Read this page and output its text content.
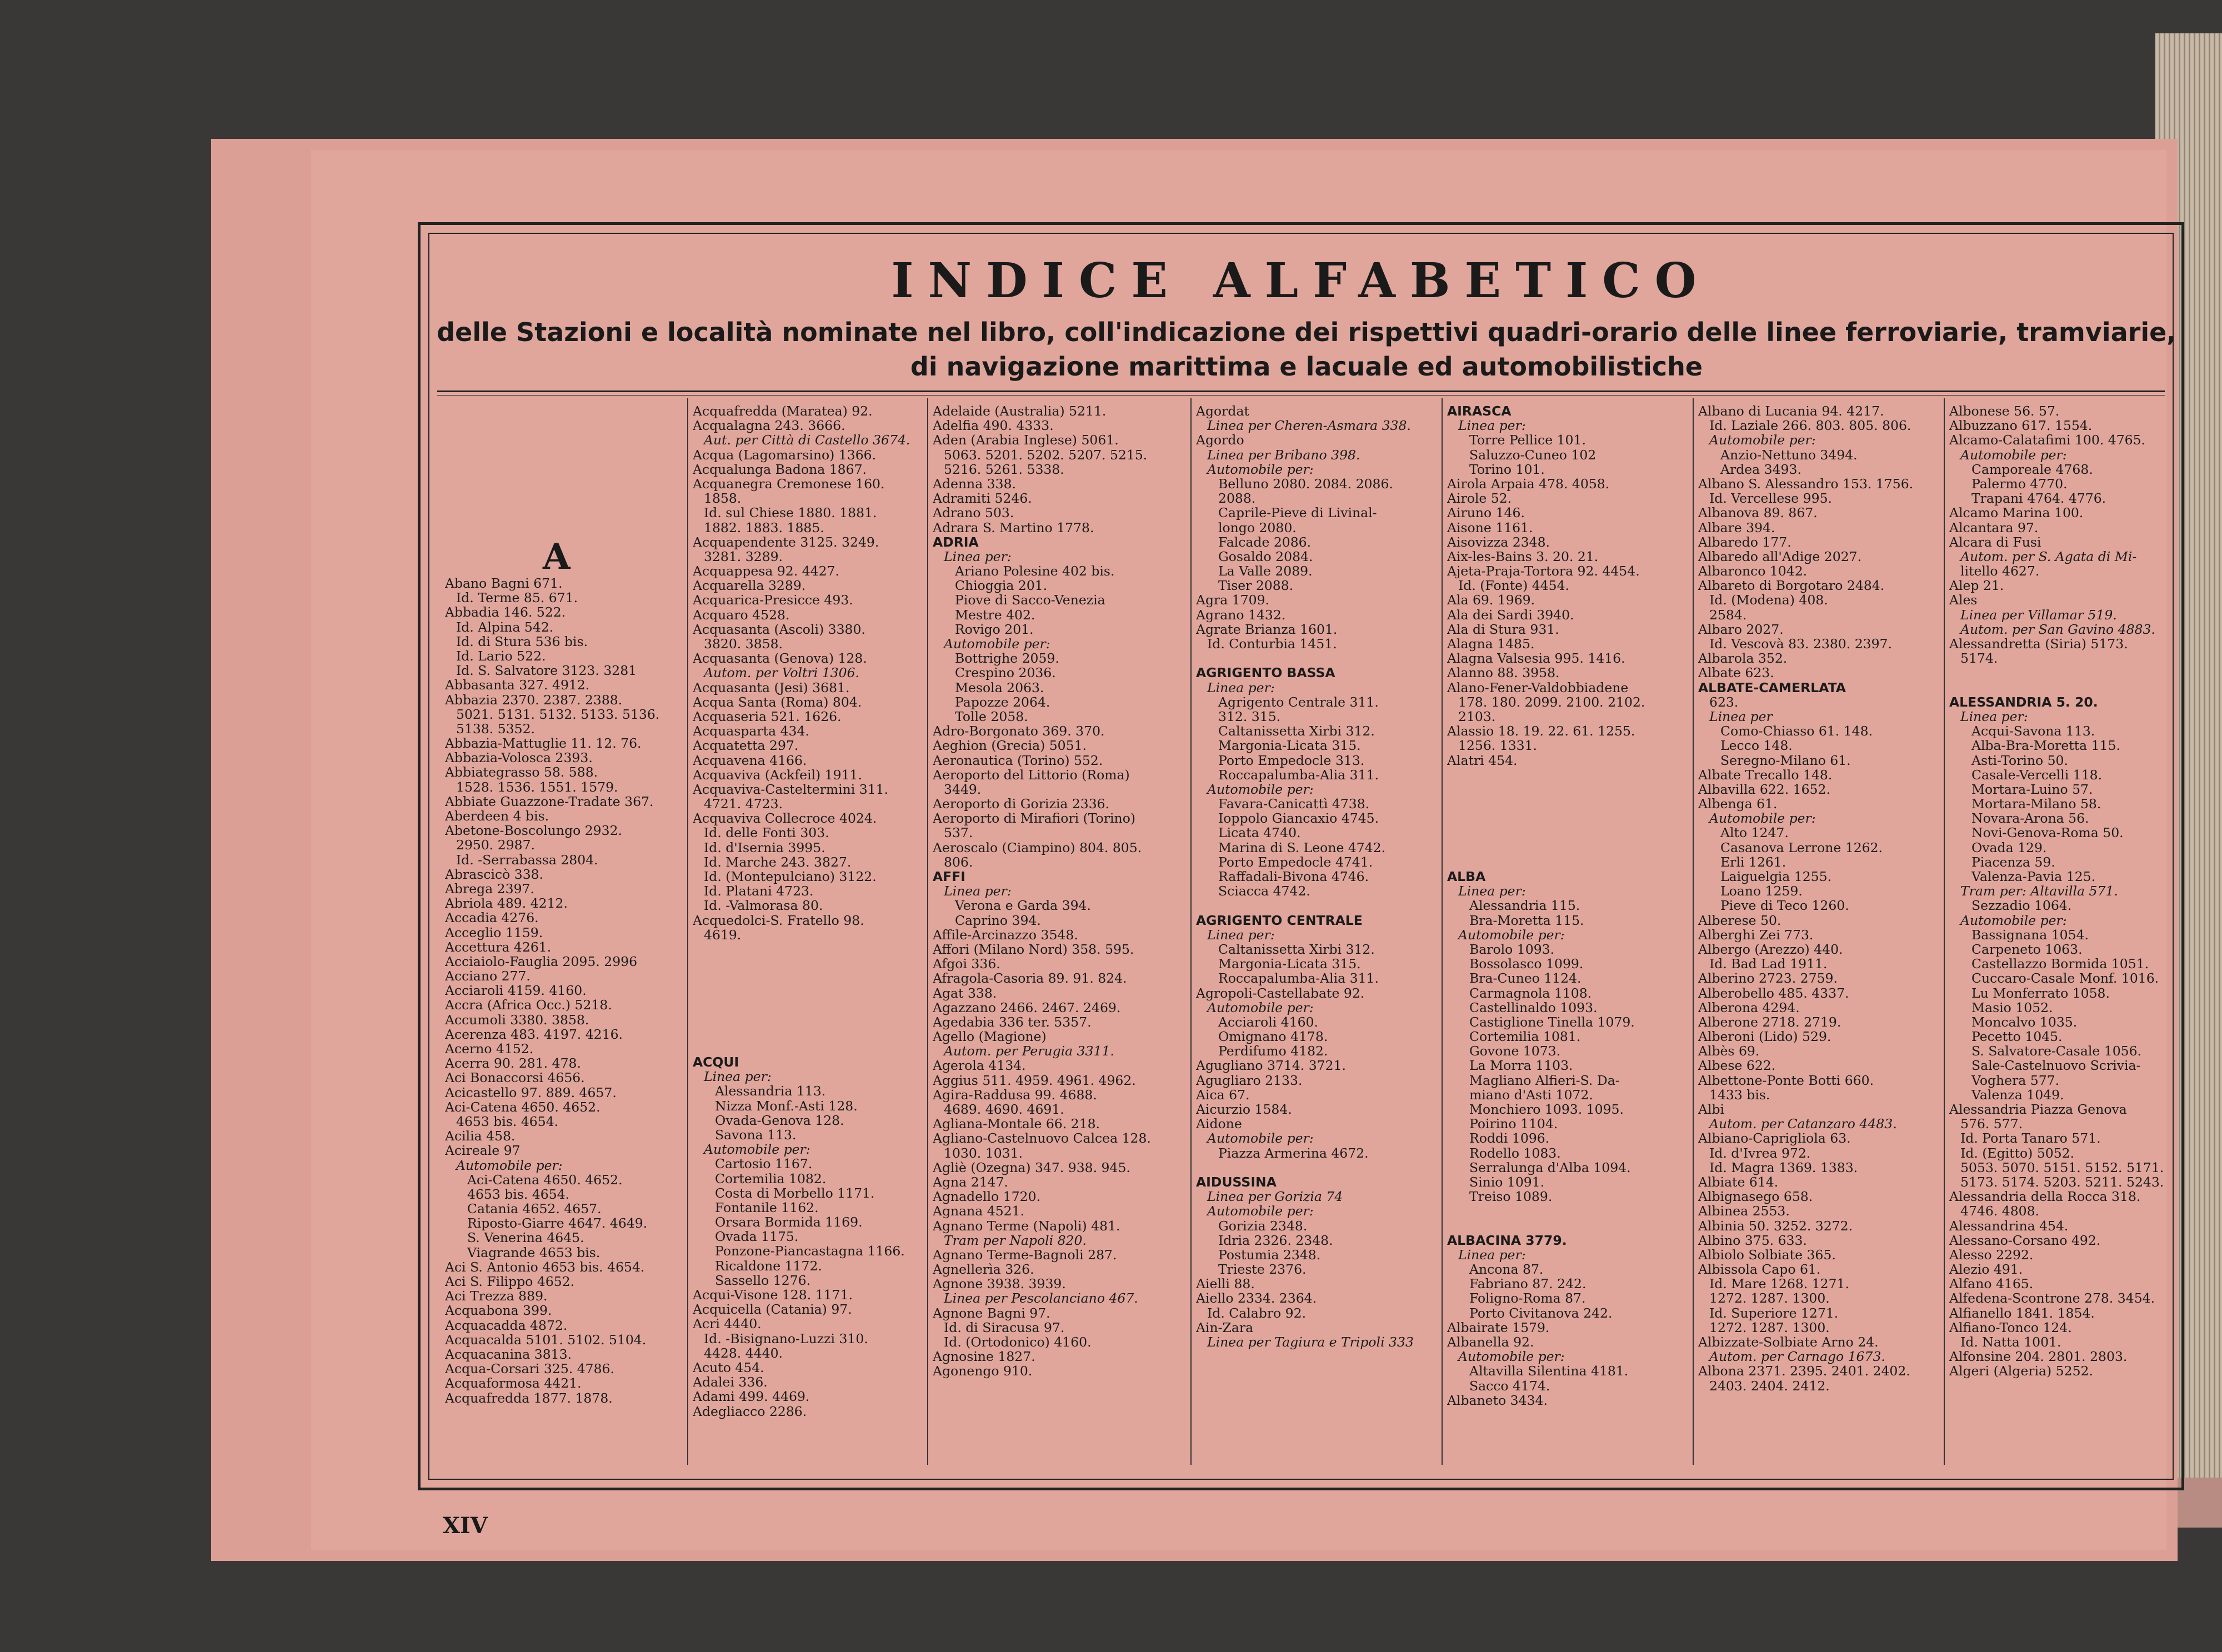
INDICE ALFABETICO
delle Stazioni e località nominate nel libro, coll'indicazione dei rispettivi quadri-orario delle linee ferroviarie, tramviarie,
di navigazione marittima e lacuale ed automobilistiche
A
Abano Bagni 671.
Id. Terme 85. 671.
Abbadia 146. 522.
Id. Alpina 542.
Id. di Stura 536 bis.
Id. Lario 522.
Id. S. Salvatore 3123. 3281
Abbasanta 327. 4912.
Abbazia 2370. 2387. 2388.
5021. 5131. 5132. 5133. 5136.
5138. 5352.
Abbazia-Mattuglie 11. 12. 76.
Abbazia-Volosca 2393.
Abbiategrasso 58. 588.
1528. 1536. 1551. 1579.
Abbiate Guazzone-Tradate 367.
Aberdeen 4 bis.
Abetone-Boscolungo 2932.
2950. 2987.
Id. -Serrabassa 2804.
Abrascicò 338.
Abrega 2397.
Abriola 489. 4212.
Accadia 4276.
Acceglio 1159.
Accettura 4261.
Acciaiolo-Fauglia 2095. 2996
Acciano 277.
Acciaroli 4159. 4160.
Accra (Africa Occ.) 5218.
Accumoli 3380. 3858.
Acerenza 483. 4197. 4216.
Acerno 4152.
Acerra 90. 281. 478.
Aci Bonaccorsi 4656.
Acicastello 97. 889. 4657.
Aci-Catena 4650. 4652.
4653 bis. 4654.
Acilia 458.
Acireale 97
Automobile per:
Aci-Catena 4650. 4652.
4653 bis. 4654.
Catania 4652. 4657.
Riposto-Giarre 4647. 4649.
S. Venerina 4645.
Viagrande 4653 bis.
Aci S. Antonio 4653 bis. 4654.
Aci S. Filippo 4652.
Aci Trezza 889.
Acquabona 399.
Acquacadda 4872.
Acquacalda 5101. 5102. 5104.
Acquacanina 3813.
Acqua-Corsari 325. 4786.
Acquaformosa 4421.
Acquafredda 1877. 1878.
Acquafredda (Maratea) 92.
Acqualagna 243. 3666.
Aut. per Città di Castello 3674.
Acqua (Lagomarsino) 1366.
Acqualunga Badona 1867.
Acquanegra Cremonese 160.
1858.
Id. sul Chiese 1880. 1881.
1882. 1883. 1885.
Acquapendente 3125. 3249.
3281. 3289.
Acquappesa 92. 4427.
Acquarella 3289.
Acquarica-Presicce 493.
Acquaro 4528.
Acquasanta (Ascoli) 3380.
3820. 3858.
Acquasanta (Genova) 128.
Autom. per Voltri 1306.
Acquasanta (Jesi) 3681.
Acqua Santa (Roma) 804.
Acquaseria 521. 1626.
Acquasparta 434.
Acquatetta 297.
Acquavena 4166.
Acquaviva (Ackfeil) 1911.
Acquaviva-Casteltermini 311.
4721. 4723.
Acquaviva Collecroce 4024.
Id. delle Fonti 303.
Id. d'Isernia 3995.
Id. Marche 243. 3827.
Id. (Montepulciano) 3122.
Id. Platani 4723.
Id. -Valmorasa 80.
Acquedolci-S. Fratello 98.
4619.
ACQUI
Linea per:
Alessandria 113.
Nizza Monf.-Asti 128.
Ovada-Genova 128.
Savona 113.
Automobile per:
Cartosio 1167.
Cortemilia 1082.
Costa di Morbello 1171.
Fontanile 1162.
Orsara Bormida 1169.
Ovada 1175.
Ponzone-Piancastagna 1166.
Ricaldone 1172.
Sassello 1276.
Acqui-Visone 128. 1171.
Acquicella (Catania) 97.
Acri 4440.
Id. -Bisignano-Luzzi 310.
4428. 4440.
Acuto 454.
Adalei 336.
Adami 499. 4469.
Adegliacco 2286.
Adelaide (Australia) 5211.
Adelfia 490. 4333.
Aden (Arabia Inglese) 5061.
5063. 5201. 5202. 5207. 5215.
5216. 5261. 5338.
Adenna 338.
Adramiti 5246.
Adrano 503.
Adrara S. Martino 1778.
ADRIA
Linea per:
Ariano Polesine 402 bis.
Chioggia 201.
Piove di Sacco-Venezia
Mestre 402.
Rovigo 201.
Automobile per:
Bottrighe 2059.
Crespino 2036.
Mesola 2063.
Papozze 2064.
Tolle 2058.
Adro-Borgonato 369. 370.
Aeghion (Grecia) 5051.
Aeronautica (Torino) 552.
Aeroporto del Littorio (Roma)
3449.
Aeroporto di Gorizia 2336.
Aeroporto di Mirafiori (Torino)
537.
Aeroscalo (Ciampino) 804. 805.
806.
AFFI
Linea per:
Verona e Garda 394.
Caprino 394.
Affile-Arcinazzo 3548.
Affori (Milano Nord) 358. 595.
Afgoi 336.
Afragola-Casoria 89. 91. 824.
Agat 338.
Agazzano 2466. 2467. 2469.
Agedabia 336 ter. 5357.
Agello (Magione)
Autom. per Perugia 3311.
Agerola 4134.
Aggius 511. 4959. 4961. 4962.
Agira-Raddusa 99. 4688.
4689. 4690. 4691.
Agliana-Montale 66. 218.
Agliano-Castelnuovo Calcea 128.
1030. 1031.
Agliè (Ozegna) 347. 938. 945.
Agna 2147.
Agnadello 1720.
Agnana 4521.
Agnano Terme (Napoli) 481.
Tram per Napoli 820.
Agnano Terme-Bagnoli 287.
Agnellerìa 326.
Agnone 3938. 3939.
Linea per Pescolanciano 467.
Agnone Bagni 97.
Id. di Siracusa 97.
Id. (Ortodonico) 4160.
Agnosine 1827.
Agonengo 910.
Agordat
Linea per Cheren-Asmara 338.
Agordo
Linea per Bribano 398.
Automobile per:
Belluno 2080. 2084. 2086.
2088.
Caprile-Pieve di Livinal-
longo 2080.
Falcade 2086.
Gosaldo 2084.
La Valle 2089.
Tiser 2088.
Agra 1709.
Agrano 1432.
Agrate Brianza 1601.
Id. Conturbia 1451.
AGRIGENTO BASSA
Linea per:
Agrigento Centrale 311.
312. 315.
Caltanissetta Xirbi 312.
Margonia-Licata 315.
Porto Empedocle 313.
Roccapalumba-Alia 311.
Automobile per:
Favara-Canicattì 4738.
Ioppolo Giancaxio 4745.
Licata 4740.
Marina di S. Leone 4742.
Porto Empedocle 4741.
Raffadali-Bivona 4746.
Sciacca 4742.
AGRIGENTO CENTRALE
Linea per:
Caltanissetta Xirbi 312.
Margonia-Licata 315.
Roccapalumba-Alia 311.
Agropoli-Castellabate 92.
Automobile per:
Acciaroli 4160.
Omignano 4178.
Perdifumo 4182.
Agugliano 3714. 3721.
Agugliaro 2133.
Aica 67.
Aicurzio 1584.
Aidone
Automobile per:
Piazza Armerina 4672.
AIDUSSINA
Linea per Gorizia 74
Automobile per:
Gorizia 2348.
Idria 2326. 2348.
Postumia 2348.
Trieste 2376.
Aielli 88.
Aiello 2334. 2364.
Id. Calabro 92.
Ain-Zara
Linea per Tagiura e Tripoli 333
AIRASCA
Linea per:
Torre Pellice 101.
Saluzzo-Cuneo 102
Torino 101.
Airola Arpaia 478. 4058.
Airole 52.
Airuno 146.
Aisone 1161.
Aisovizza 2348.
Aix-les-Bains 3. 20. 21.
Ajeta-Praja-Tortora 92. 4454.
Id. (Fonte) 4454.
Ala 69. 1969.
Ala dei Sardi 3940.
Ala di Stura 931.
Alagna 1485.
Alagna Valsesia 995. 1416.
Alanno 88. 3958.
Alano-Fener-Valdobbiadene
178. 180. 2099. 2100. 2102.
2103.
Alassio 18. 19. 22. 61. 1255.
1256. 1331.
Alatri 454.
ALBA
Linea per:
Alessandria 115.
Bra-Moretta 115.
Automobile per:
Barolo 1093.
Bossolasco 1099.
Bra-Cuneo 1124.
Carmagnola 1108.
Castellinaldo 1093.
Castiglione Tinella 1079.
Cortemilia 1081.
Govone 1073.
La Morra 1103.
Magliano Alfieri-S. Da-
miano d'Asti 1072.
Monchiero 1093. 1095.
Poirino 1104.
Roddi 1096.
Rodello 1083.
Serralunga d'Alba 1094.
Sinio 1091.
Treiso 1089.
ALBACINA 3779.
Linea per:
Ancona 87.
Fabriano 87. 242.
Foligno-Roma 87.
Porto Civitanova 242.
Albairate 1579.
Albanella 92.
Automobile per:
Altavilla Silentina 4181.
Sacco 4174.
Albaneto 3434.
Albano di Lucania 94. 4217.
Id. Laziale 266. 803. 805. 806.
Automobile per:
Anzio-Nettuno 3494.
Ardea 3493.
Albano S. Alessandro 153. 1756.
Id. Vercellese 995.
Albanova 89. 867.
Albare 394.
Albaredo 177.
Albaredo all'Adige 2027.
Albaronco 1042.
Albareto di Borgotaro 2484.
Id. (Modena) 408.
2584.
Albaro 2027.
Id. Vescovà 83. 2380. 2397.
Albarola 352.
Albate 623.
ALBATE-CAMERLATA
623.
Linea per
Como-Chiasso 61. 148.
Lecco 148.
Seregno-Milano 61.
Albate Trecallo 148.
Albavilla 622. 1652.
Albenga 61.
Automobile per:
Alto 1247.
Casanova Lerrone 1262.
Erli 1261.
Laiguelgia 1255.
Loano 1259.
Pieve di Teco 1260.
Alberese 50.
Alberghi Zei 773.
Albergo (Arezzo) 440.
Id. Bad Lad 1911.
Alberino 2723. 2759.
Alberobello 485. 4337.
Alberona 4294.
Alberone 2718. 2719.
Alberoni (Lido) 529.
Albès 69.
Albese 622.
Albettone-Ponte Botti 660.
1433 bis.
Albi
Autom. per Catanzaro 4483.
Albiano-Caprigliola 63.
Id. d'Ivrea 972.
Id. Magra 1369. 1383.
Albiate 614.
Albignasego 658.
Albinea 2553.
Albinia 50. 3252. 3272.
Albino 375. 633.
Albiolo Solbiate 365.
Albissola Capo 61.
Id. Mare 1268. 1271.
1272. 1287. 1300.
Id. Superiore 1271.
1272. 1287. 1300.
Albizzate-Solbiate Arno 24.
Autom. per Carnago 1673.
Albona 2371. 2395. 2401. 2402.
2403. 2404. 2412.
Albonese 56. 57.
Albuzzano 617. 1554.
Alcamo-Calatafimi 100. 4765.
Automobile per:
Camporeale 4768.
Palermo 4770.
Trapani 4764. 4776.
Alcamo Marina 100.
Alcantara 97.
Alcara di Fusi
Autom. per S. Agata di Mi-
litello 4627.
Alep 21.
Ales
Linea per Villamar 519.
Autom. per San Gavino 4883.
Alessandretta (Siria) 5173.
5174.
ALESSANDRIA 5. 20.
Linea per:
Acqui-Savona 113.
Alba-Bra-Moretta 115.
Asti-Torino 50.
Casale-Vercelli 118.
Mortara-Luino 57.
Mortara-Milano 58.
Novara-Arona 56.
Novi-Genova-Roma 50.
Ovada 129.
Piacenza 59.
Valenza-Pavia 125.
Tram per: Altavilla 571.
Sezzadio 1064.
Automobile per:
Bassignana 1054.
Carpeneto 1063.
Castellazzo Bormida 1051.
Cuccaro-Casale Monf. 1016.
Lu Monferrato 1058.
Masio 1052.
Moncalvo 1035.
Pecetto 1045.
S. Salvatore-Casale 1056.
Sale-Castelnuovo Scrivia-
Voghera 577.
Valenza 1049.
Alessandria Piazza Genova
576. 577.
Id. Porta Tanaro 571.
Id. (Egitto) 5052.
5053. 5070. 5151. 5152. 5171.
5173. 5174. 5203. 5211. 5243.
Alessandria della Rocca 318.
4746. 4808.
Alessandrina 454.
Alessano-Corsano 492.
Alesso 2292.
Alezio 491.
Alfano 4165.
Alfedena-Scontrone 278. 3454.
Alfianello 1841. 1854.
Alfiano-Tonco 124.
Id. Natta 1001.
Alfonsine 204. 2801. 2803.
Algeri (Algeria) 5252.
XIV
